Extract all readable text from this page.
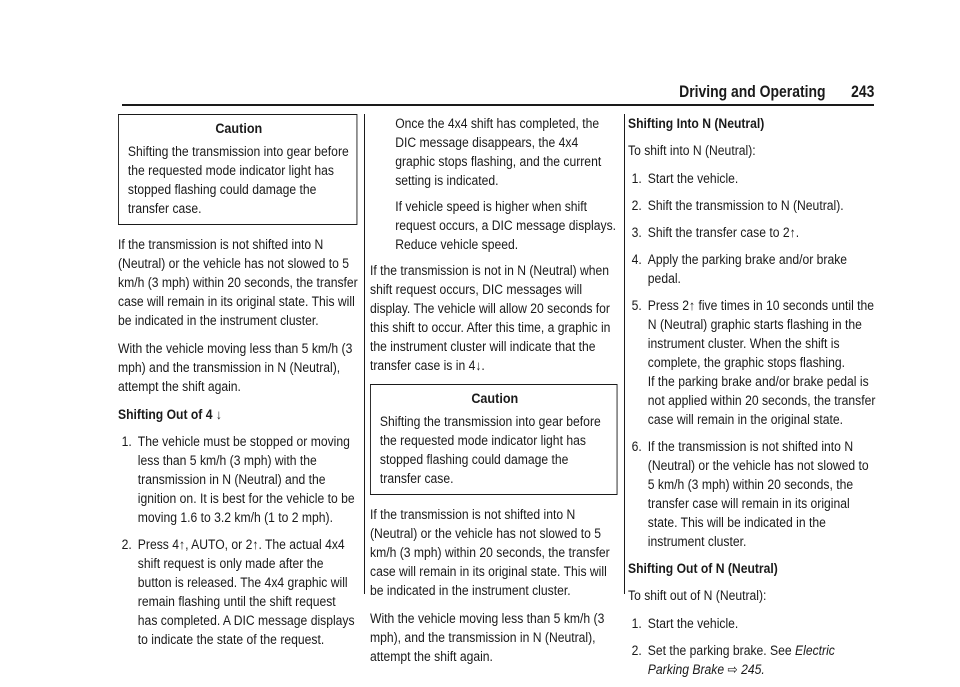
Driving and Operating 243
Caution
Shifting the transmission into gear before the requested mode indicator light has stopped flashing could damage the transfer case.

If the transmission is not shifted into N (Neutral) or the vehicle has not slowed to 5 km/h (3 mph) within 20 seconds, the transfer case will remain in its original state. This will be indicated in the instrument cluster.

With the vehicle moving less than 5 km/h (3 mph) and the transmission in N (Neutral), attempt the shift again.

Shifting Out of 4 ↓
1. The vehicle must be stopped or moving less than 5 km/h (3 mph) with the transmission in N (Neutral) and the ignition on. It is best for the vehicle to be moving 1.6 to 3.2 km/h (1 to 2 mph).
2. Press 4↑, AUTO, or 2↑. The actual 4x4 shift request is only made after the button is released. The 4x4 graphic will remain flashing until the shift request has completed. A DIC message displays to indicate the state of the request.

Once the 4x4 shift has completed, the DIC message disappears, the 4x4 graphic stops flashing, and the current setting is indicated.

If vehicle speed is higher when shift request occurs, a DIC message displays. Reduce vehicle speed.

If the transmission is not in N (Neutral) when shift request occurs, DIC messages will display. The vehicle will allow 20 seconds for this shift to occur. After this time, a graphic in the instrument cluster will indicate that the transfer case is in 4↓.

Caution
Shifting the transmission into gear before the requested mode indicator light has stopped flashing could damage the transfer case.

If the transmission is not shifted into N (Neutral) or the vehicle has not slowed to 5 km/h (3 mph) within 20 seconds, the transfer case will remain in its original state. This will be indicated in the instrument cluster.

With the vehicle moving less than 5 km/h (3 mph), and the transmission in N (Neutral), attempt the shift again.

Shifting Into N (Neutral)

To shift into N (Neutral):

1. Start the vehicle.
2. Shift the transmission to N (Neutral).
3. Shift the transfer case to 2↑.
4. Apply the parking brake and/or brake pedal.
5. Press 2↑ five times in 10 seconds until the N (Neutral) graphic starts flashing in the instrument cluster. When the shift is complete, the graphic stops flashing.
If the parking brake and/or brake pedal is not applied within 20 seconds, the transfer case will remain in the original state.
6. If the transmission is not shifted into N (Neutral) or the vehicle has not slowed to 5 km/h (3 mph) within 20 seconds, the transfer case will remain in its original state. This will be indicated in the instrument cluster.
Shifting Out of N (Neutral)

To shift out of N (Neutral):

1. Start the vehicle.
2. Set the parking brake. See Electric Parking Brake ⇨ 245.
